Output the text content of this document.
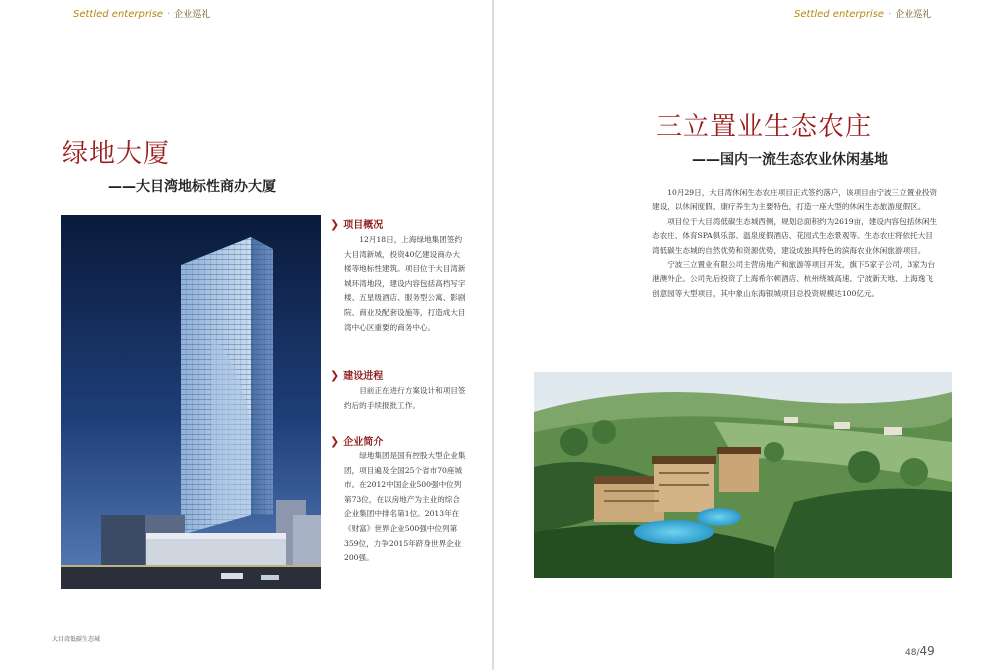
Settled enterprise · 企业巡礼
绿地大厦
——大目湾地标性商办大厦
❯ 项目概况

12月18日，上海绿地集团签约大目湾新城，投资40亿建设商办大楼等地标性建筑。项目位于大目湾新城环湾地段，建设内容包括高档写字楼、五星级酒店、服务型公寓、影剧院、商业及配套设施等，打造成大目湾中心区重要的商务中心。

❯ 建设进程

目前正在进行方案设计和项目签约后的手续报批工作。

❯ 企业简介

绿地集团是国有控股大型企业集团，项目遍及全国25个省市70座城市。在2012中国企业500强中位列第73位，在以房地产为主业的综合企业集团中排名第1位。2013年在《财富》世界企业500强中位列第359位，力争2015年跻身世界企业200强。

大目湾低碳生态城
Settled enterprise · 企业巡礼
三立置业生态农庄
——国内一流生态农业休闲基地

10月29日，大目湾休闲生态农庄项目正式签约落户，该项目由宁波三立置业投资建设，以休闲度假、康疗养生为主要特色，打造一座大型的休闲生态旅游度假区。

项目位于大目湾低碳生态城西侧，规划总面积约为2619亩，建设内容包括休闲生态农庄、体育SPA俱乐部、温泉度假酒店、花园式生态景观等。生态农庄将依托大目湾低碳生态城的自然优势和资源优势，建设成独具特色的滨海农业休闲旅游项目。

宁波三立置业有限公司主营房地产和旅游等项目开发，旗下5家子公司，3家为台港澳外企。公司先后投资了上海希尔顿酒店、杭州绕城高速、宁波新天地、上海逸飞创意园等大型项目，其中象山东海银城项目总投资规模达100亿元。

48/49
